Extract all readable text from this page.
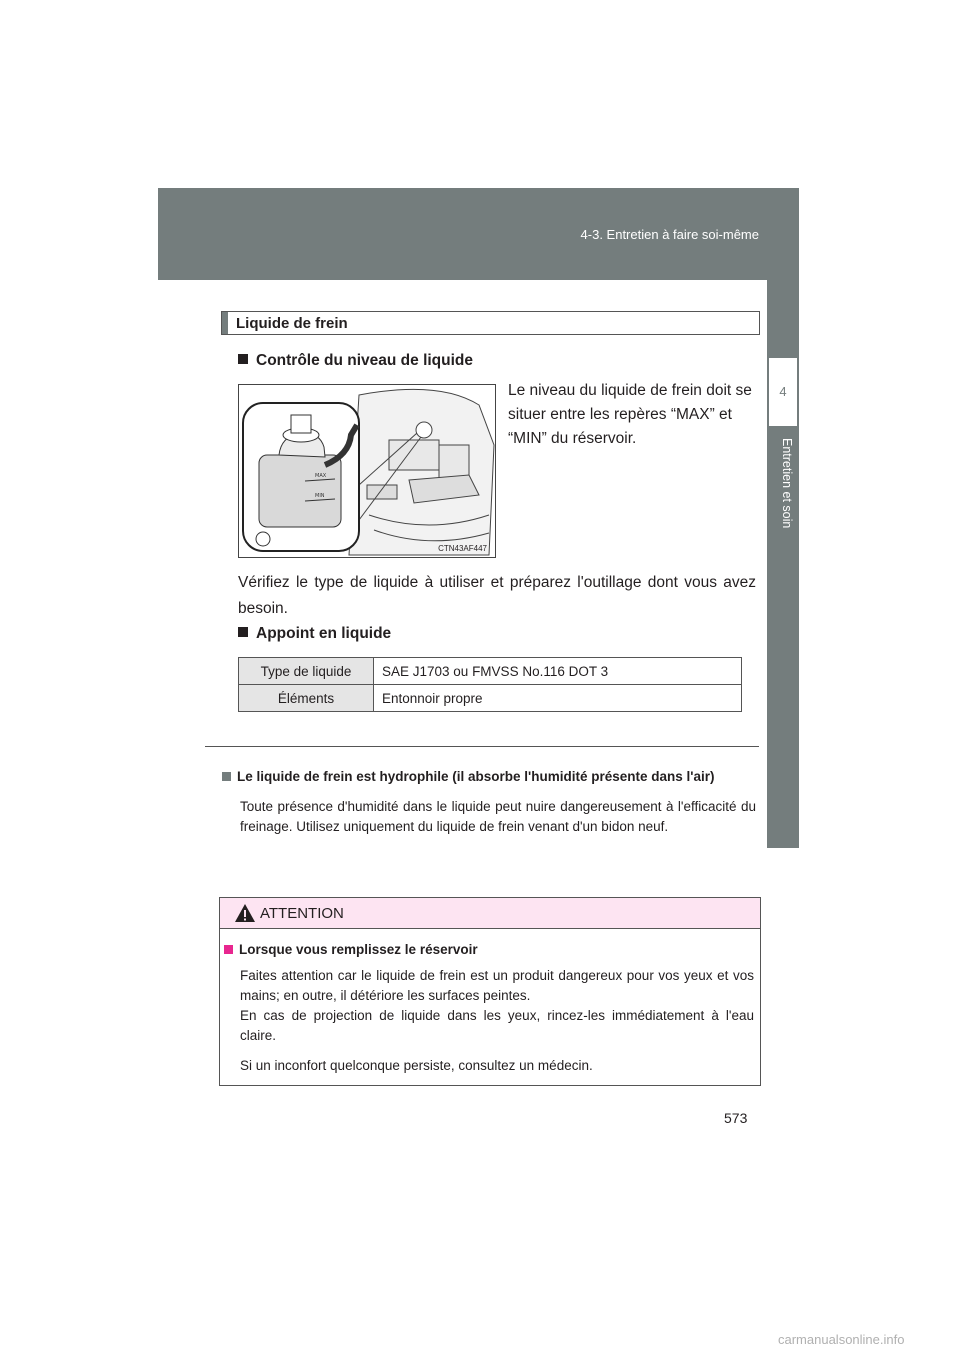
4-3. Entretien à faire soi-même
4
Entretien et soin
Liquide de frein
Contrôle du niveau de liquide
MAX
MIN
CTN43AF447
Le niveau du liquide de frein doit se situer entre les repères “MAX” et “MIN” du réservoir.
Vérifiez le type de liquide à utiliser et préparez l'outillage dont vous avez besoin.
Appoint en liquide
Type de liquide	SAE J1703 ou FMVSS No.116 DOT 3
Éléments	Entonnoir propre
Le liquide de frein est hydrophile (il absorbe l'humidité présente dans l'air)
Toute présence d'humidité dans le liquide peut nuire dangereusement à l'efficacité du freinage. Utilisez uniquement du liquide de frein venant d'un bidon neuf.
ATTENTION
Lorsque vous remplissez le réservoir

Faites attention car le liquide de frein est un produit dangereux pour vos yeux et vos mains; en outre, il détériore les surfaces peintes.
En cas de projection de liquide dans les yeux, rincez-les immédiatement à l'eau claire.

Si un inconfort quelconque persiste, consultez un médecin.

573
carmanualsonline.info
